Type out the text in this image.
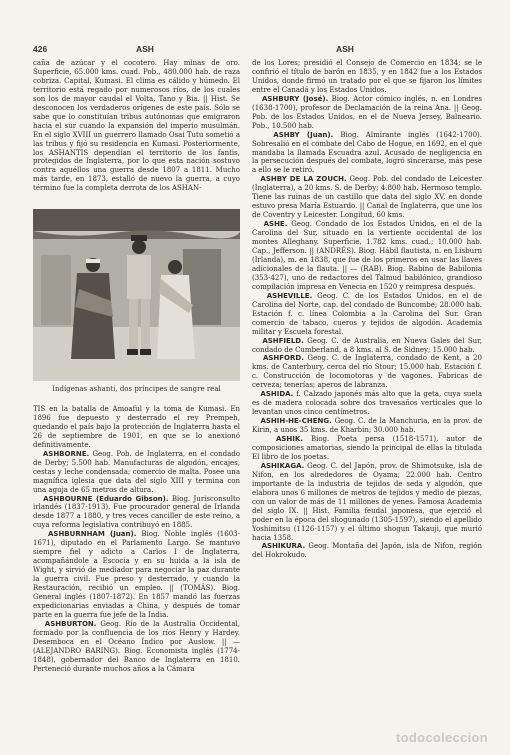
426	ASH	ASH

caña de azúcar y el cocotero. Hay minas de oro. Superficie, 65.000 kms. cuad. Pob., 480.000 hab. de raza cobriza. Capital, Kumasi. El clima es cálido y húmedo. El territorio está regado por numerosos ríos, de los cuales son los de mayor caudal el Volta, Tano y Bia. || Hist. Se desconocen los verdaderos orígenes de este país. Sólo se sabe que lo constituían tribus autónomas que emigraron hacia el sur cuando la expansión del imperio musulmán. En el siglo XVIII un guerrero llamado Osai Tutu sometió a las tribus y fijó su residencia en Kumasi. Posteriormente, los ASHANTIS dependían el territorio de los fantis, protegidos de Inglaterra, por lo que esta nación sostuvo contra aquéllos una guerra desde 1807 a 1811. Mucho más tarde, en 1873, estalló de nuevo la guerra, a cuyo término fue la completa derrota de los ASHAN-

Indígenas ashanti, dos príncipes de sangre real

TIS en la batalla de Amoaful y la toma de Kumasi. En 1896 fue depuesto y desterrado el rey Prempeh, quedando el país bajo la protección de Inglaterra hasta el 26 de septiembre de 1901, en que se lo anexionó definitivamente.

ASHBORNE. Geog. Pob. de Inglaterra, en el condado de Derby; 5.500 hab. Manufacturas de algodón, encajes, cestas y leche condensada; comercio de malta. Posee una magnífica iglesia que data del siglo XIII y termina con una aguja de 65 metros de altura.

ASHBOURNE (Eduardo Gibson). Biog. Jurisconsulto irlandés (1837-1913). Fue procurador general de Irlanda desde 1877 a 1880, y tres veces canciller de este reino, a cuya reforma legislativa contribuyó en 1885.

ASHBURNHAM (Juan). Biog. Noble inglés (1603-1671), diputado en el Parlamento Largo. Se mantuvo siempre fiel y adicto a Carlos I de Inglaterra, acompañándole a Escocia y en su huida a la isla de Wight, y sirvió de mediador para negociar la paz durante la guerra civil. Fue preso y desterrado, y cuando la Restauración, recibió un empleo. || (TOMÁS). Biog. General inglés (1807-1872). En 1857 mandó las fuerzas expedicionarias enviadas a China, y después de tomar parte en la guerra fue jefe de la India.

ASHBURTON. Geog. Río de la Australia Occidental, formado por la confluencia de los ríos Henry y Hardey. Desemboca en el Océano Índico por Auslow. || — (ALEJANDRO BARING). Biog. Economista inglés (1774-1848), gobernador del Banco de Inglaterra en 1810. Perteneció durante muchos años a la Cámara

de los Lores; presidió el Consejo de Comercio en 1834; se le confirió el título de barón en 1835, y en 1842 fue a los Estados Unidos, donde firmó un tratado por el que se fijaron los límites entre el Canadá y los Estados Unidos.

ASHBURY (José). Biog. Actor cómico inglés, n. en Londres (1638-1700), profesor de Declamación de la reina Ana. || Geog. Pob. de los Estados Unidos, en el de Nueva Jersey, Balneario. Pob., 10.500 hab.

ASHBY (Juan). Biog. Almirante inglés (1642-1700). Sobresalió en el combate del Cabo de Hogue, en 1692, en el que mandaba la llamada Escuadra azul. Acusado de negligencia en la persecución después del combate, logró sincerarse, más pese a ello se le retiró.

ASHBY DE LA ZOUCH. Geog. Pob. del condado de Leicester (Inglaterra), a 20 kms. S. de Derby; 4.800 hab. Hermoso templo. Tiene las ruinas de un castillo que data del siglo XV, en donde estuvo presa María Estuardo. || Canal de Inglaterra, que une los de Coventry y Leicester. Longitud, 60 kms.

ASHE. Geog. Condado de los Estados Unidos, en el de la Carolina del Sur, situado en la vertiente occidental de los montes Alleghany. Superficie, 1.782 kms. cuad.; 10.000 hab. Cap., Jefferson. || (ANDRÉS). Biog. Hábil flautista, n. en Lisburn (Irlanda), m. en 1838, que fue de los primeros en usar las llaves adicionales de la flauta. || — (RAB). Biog. Rabino de Babilonia (353-427), uno de redactores del Talmud babilónico, grandioso compilación impresa en Venecia en 1520 y reimpresa después.

ASHEVILLE. Geog. C. de los Estados Unidos, en el de Carolina del Norte, cap. del condado de Buncombe; 28.000 hab. Estación f. c. línea Colombia a la Carolina del Sur. Gran comercio de tabaco, cueros y tejidos de algodón. Academia militar y Escuela forestal.

ASHFIELD. Geog. C. de Australia, en Nueva Gales del Sur, condado de Cumberland, a 8 kms. al S. de Sidney; 15.000 hab.

ASHFORD. Geog. C. de Inglaterra, condado de Kent, a 20 kms. de Canterbury, cerca del río Stour; 15.000 hab. Estación f. c. Construcción de locomotoras y de vagones. Fabricas de cerveza; tenerías; aperos de labranza.

ASHIDA. f. Calzado japonés más alto que la geta, cuya suela es de madera colocada sobre dos travesaños verticales que lo levantan unos cinco centímetros.

ASHIH-HE-CHENG. Geog. C. de la Manchuria, en la prov. de Kirin, a unos 35 kms. de Kharbin; 30.000 hab.

ASHIK. Biog. Poeta persa (1518-1571), autor de composiciones amatorias, siendo la principal de ellas la titulada El libro de los poetas.

ASHIKAGA. Geog. C. del Japón, prov. de Shimotsuke, isla de Nifon, en los alrededores de Oyama; 22.000 hab. Centro importante de la industria de tejidos de seda y algodón, que elabora unos 6 millones de metros de tejidos y medio de piezas, con un valor de más de 11 millones de yenes. Famosa Academia del siglo IX. || Hist. Familia feudal japonesa, que ejerció el poder en la época del shogunado (1305-1597), siendo el apellido Yoshimitsu (1126-1157) y el último shogun Takauji, que murió hacia 1358.

ASHIKURA. Geog. Montaña del Japón, isla de Nifon, región del Hokrokudo.

todocoleccion
